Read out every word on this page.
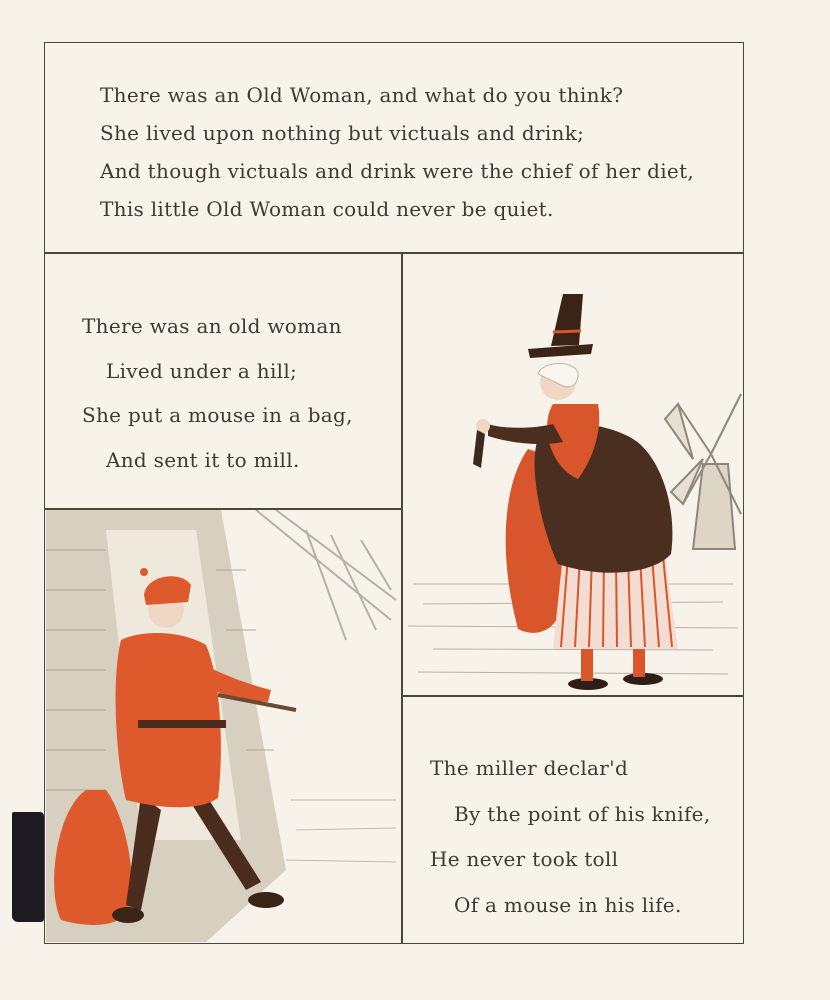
There was an Old Woman, and what do you think?

She lived upon nothing but victuals and drink;

And though victuals and drink were the chief of her diet,

This little Old Woman could never be quiet.

There was an old woman

Lived under a hill;

She put a mouse in a bag,

And sent it to mill.

The miller declar'd

By the point of his knife,

He never took toll

Of a mouse in his life.
